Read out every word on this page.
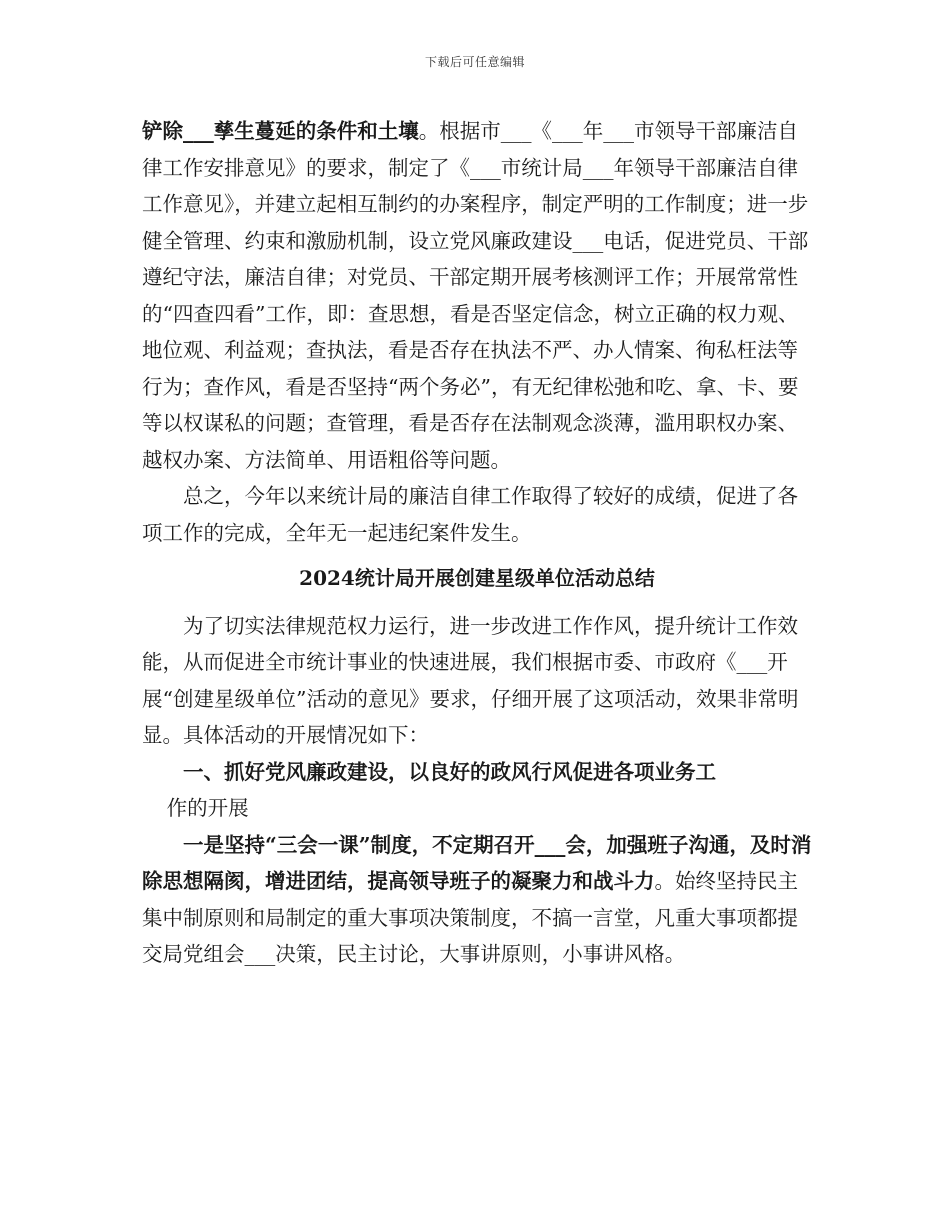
下载后可任意编辑

铲除___孳生蔓延的条件和土壤。根据市___《___年___市领导干部廉洁自律工作安排意见》的要求，制定了《___市统计局___年领导干部廉洁自律工作意见》，并建立起相互制约的办案程序，制定严明的工作制度；进一步健全管理、约束和激励机制，设立党风廉政建设___电话，促进党员、干部遵纪守法，廉洁自律；对党员、干部定期开展考核测评工作；开展常常性的“四查四看”工作，即：查思想，看是否坚定信念，树立正确的权力观、地位观、利益观；查执法，看是否存在执法不严、办人情案、徇私枉法等行为；查作风，看是否坚持“两个务必”，有无纪律松弛和吃、拿、卡、要等以权谋私的问题；查管理，看是否存在法制观念淡薄，滥用职权办案、越权办案、方法简单、用语粗俗等问题。

总之，今年以来统计局的廉洁自律工作取得了较好的成绩，促进了各项工作的完成，全年无一起违纪案件发生。

2024统计局开展创建星级单位活动总结

为了切实法律规范权力运行，进一步改进工作作风，提升统计工作效能，从而促进全市统计事业的快速进展，我们根据市委、市政府《___开展“创建星级单位”活动的意见》要求，仔细开展了这项活动，效果非常明显。具体活动的开展情况如下：

一、抓好党风廉政建设，以良好的政风行风促进各项业务工

作的开展

一是坚持“三会一课”制度，不定期召开___会，加强班子沟通，及时消除思想隔阂，增进团结，提高领导班子的凝聚力和战斗力。始终坚持民主集中制原则和局制定的重大事项决策制度，不搞一言堂，凡重大事项都提交局党组会___决策，民主讨论，大事讲原则，小事讲风格。
